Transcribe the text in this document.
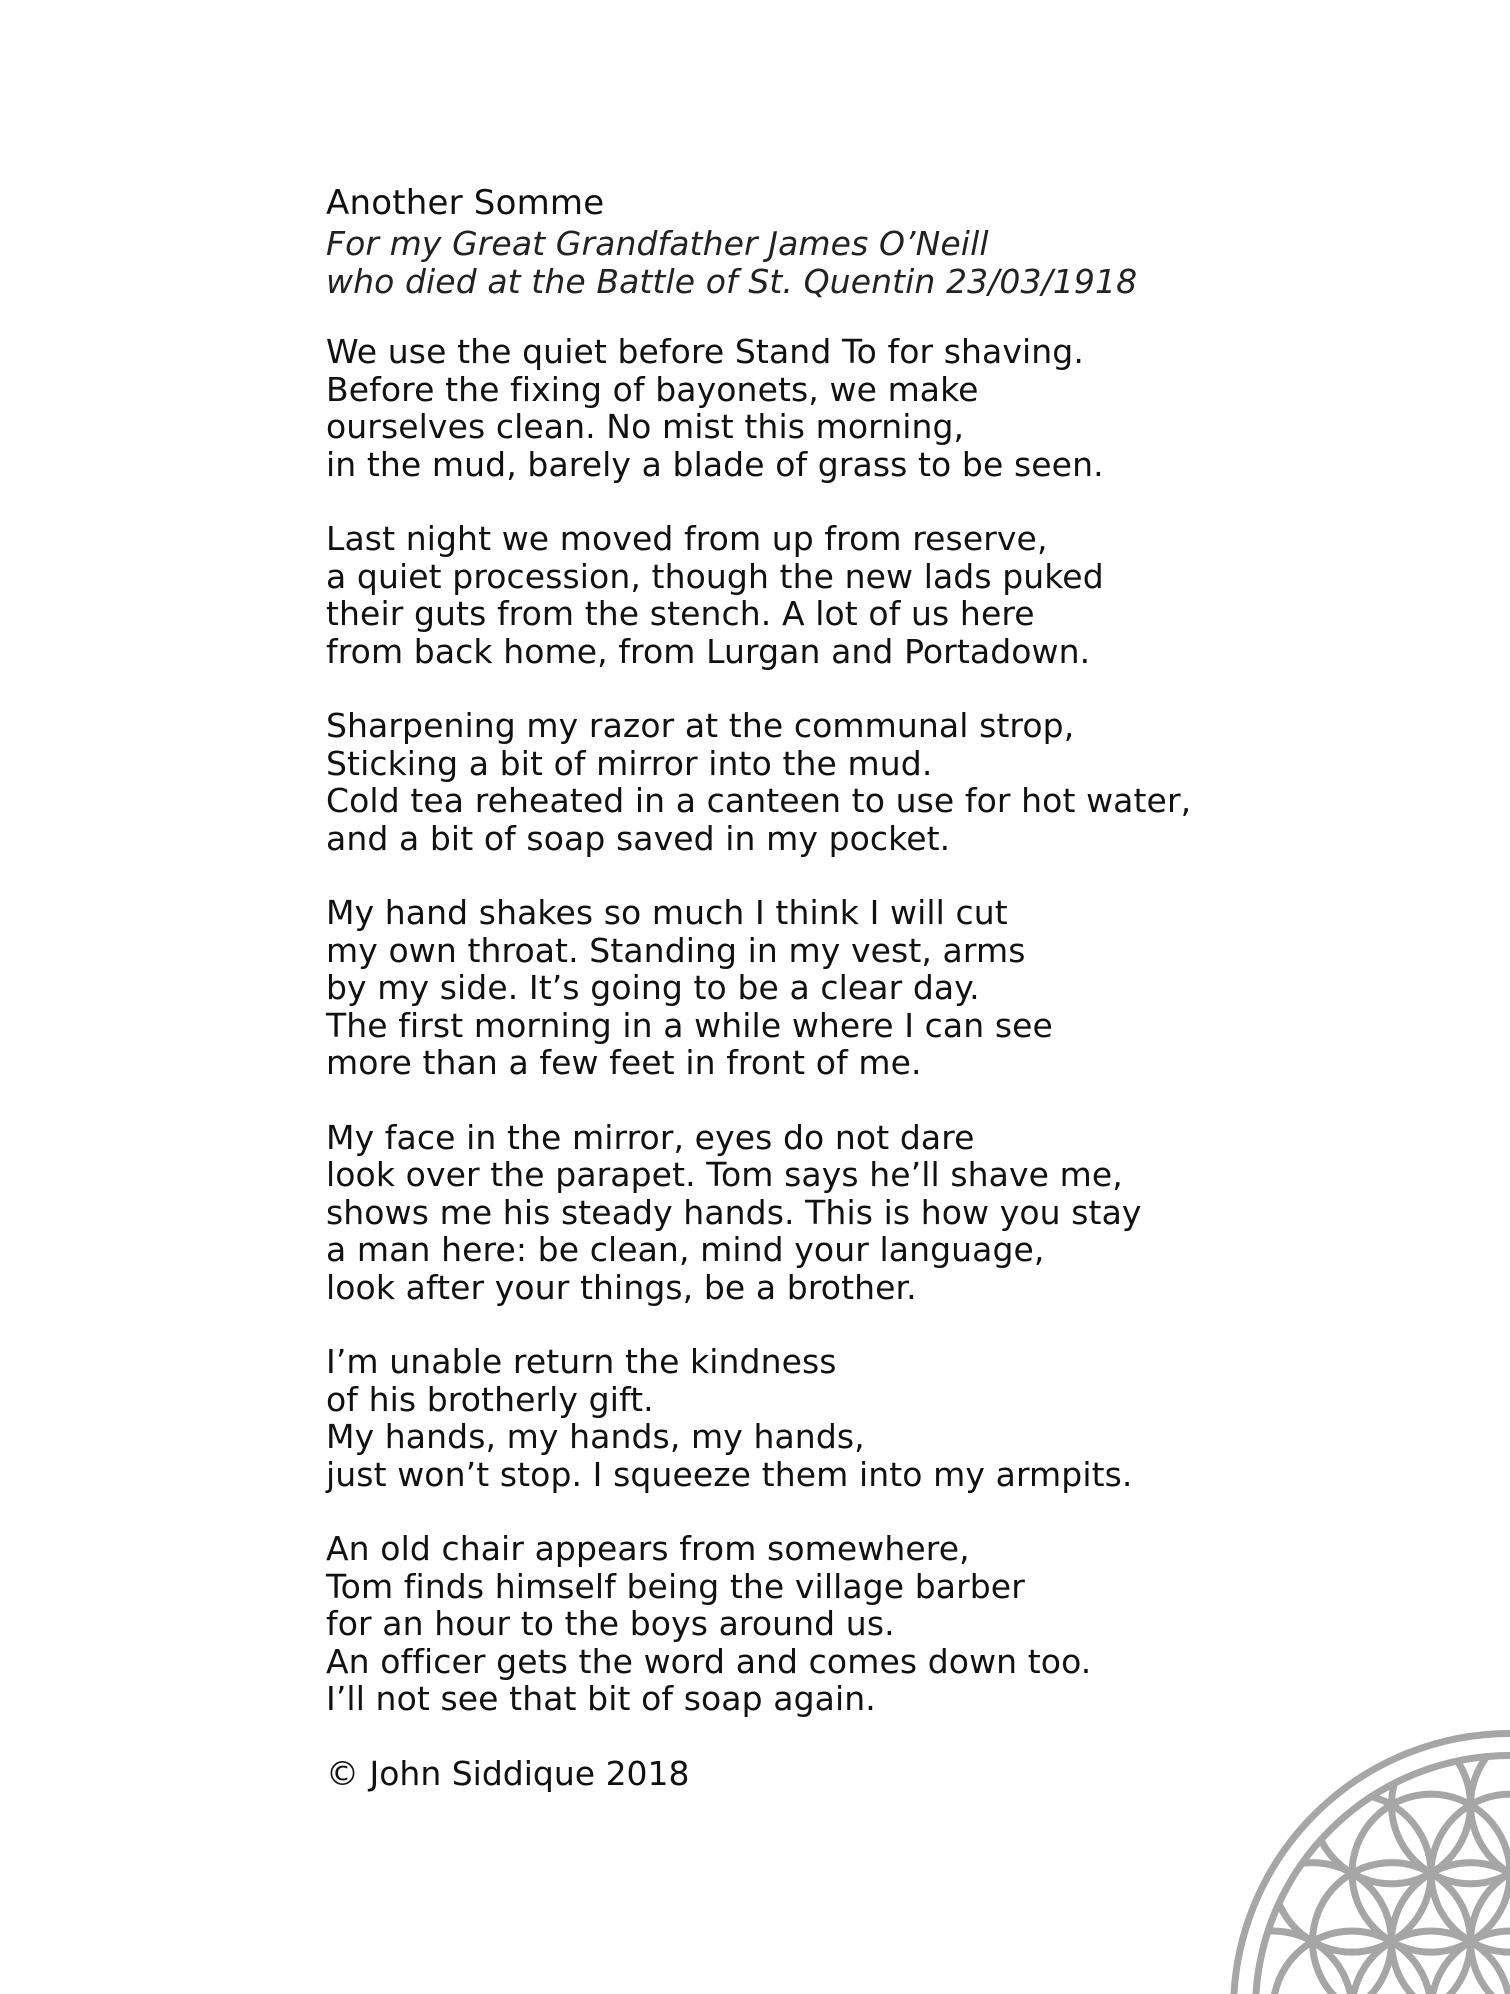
Another Somme
For my Great Grandfather James O’Neill
who died at the Battle of St. Quentin 23/03/1918
We use the quiet before Stand To for shaving.
Before the fixing of bayonets, we make
ourselves clean. No mist this morning,
in the mud, barely a blade of grass to be seen.
Last night we moved from up from reserve,
a quiet procession, though the new lads puked
their guts from the stench. A lot of us here
from back home, from Lurgan and Portadown.
Sharpening my razor at the communal strop,
Sticking a bit of mirror into the mud.
Cold tea reheated in a canteen to use for hot water,
and a bit of soap saved in my pocket.
My hand shakes so much I think I will cut
my own throat. Standing in my vest, arms
by my side. It’s going to be a clear day.
The first morning in a while where I can see
more than a few feet in front of me.
My face in the mirror, eyes do not dare
look over the parapet. Tom says he’ll shave me,
shows me his steady hands. This is how you stay
a man here: be clean, mind your language,
look after your things, be a brother.
I’m unable return the kindness
of his brotherly gift.
My hands, my hands, my hands,
just won’t stop. I squeeze them into my armpits.
An old chair appears from somewhere,
Tom finds himself being the village barber
for an hour to the boys around us.
An officer gets the word and comes down too.
I’ll not see that bit of soap again.
© John Siddique 2018
